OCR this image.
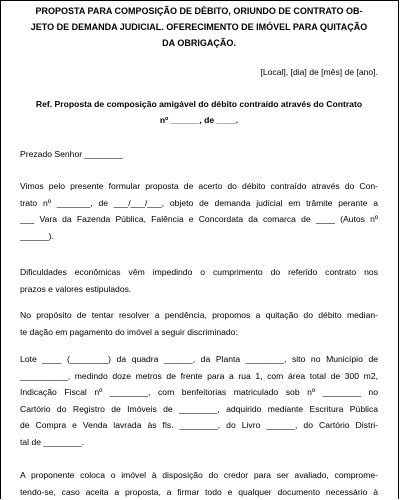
PROPOSTA PARA COMPOSIÇÃO DE DÉBITO, ORIUNDO DE CONTRATO OB-
JETO DE DEMANDA JUDICIAL. OFERECIMENTO DE IMÓVEL PARA QUITAÇÃO
DA OBRIGAÇÃO.
[Local], [dia] de [mês] de [ano].
Ref. Proposta de composição amigável do débito contraído através do Contrato
nº ______, de ____.
Prezado Senhor ________
Vimos pelo presente formular proposta de acerto do débito contraído através do Con-
trato nº _______, de ___/___/___, objeto de demanda judicial em trâmite perante a
___ Vara da Fazenda Pública, Falência e Concordata da comarca de ____ (Autos nº
______).
Dificuldades econômicas vêm impedindo o cumprimento do referido contrato nos
prazos e valores estipulados.
No propósito de tentar resolver a pendência, propomos a quitação do débito median-
te dação em pagamento do imóvel a seguir discriminado:
Lote ____ (________) da quadra ______, da Planta ________, sito no Município de
__________, medindo doze metros de frente para a rua 1, com área total de 300 m2,
Indicação Fiscal nº ________, com benfeitorias matriculado sob nº ________ no
Cartório do Registro de Imóveis de ________, adquirido mediante Escritura Pública
de Compra e Venda lavrada às fls. ________, do Livro ______, do Cartório Distri-
tal de ________.
A proponente coloca o imóvel à disposição do credor para ser avaliado, comprome-
tendo-se, caso aceita a proposta, a firmar todo e qualquer documento necessário à
